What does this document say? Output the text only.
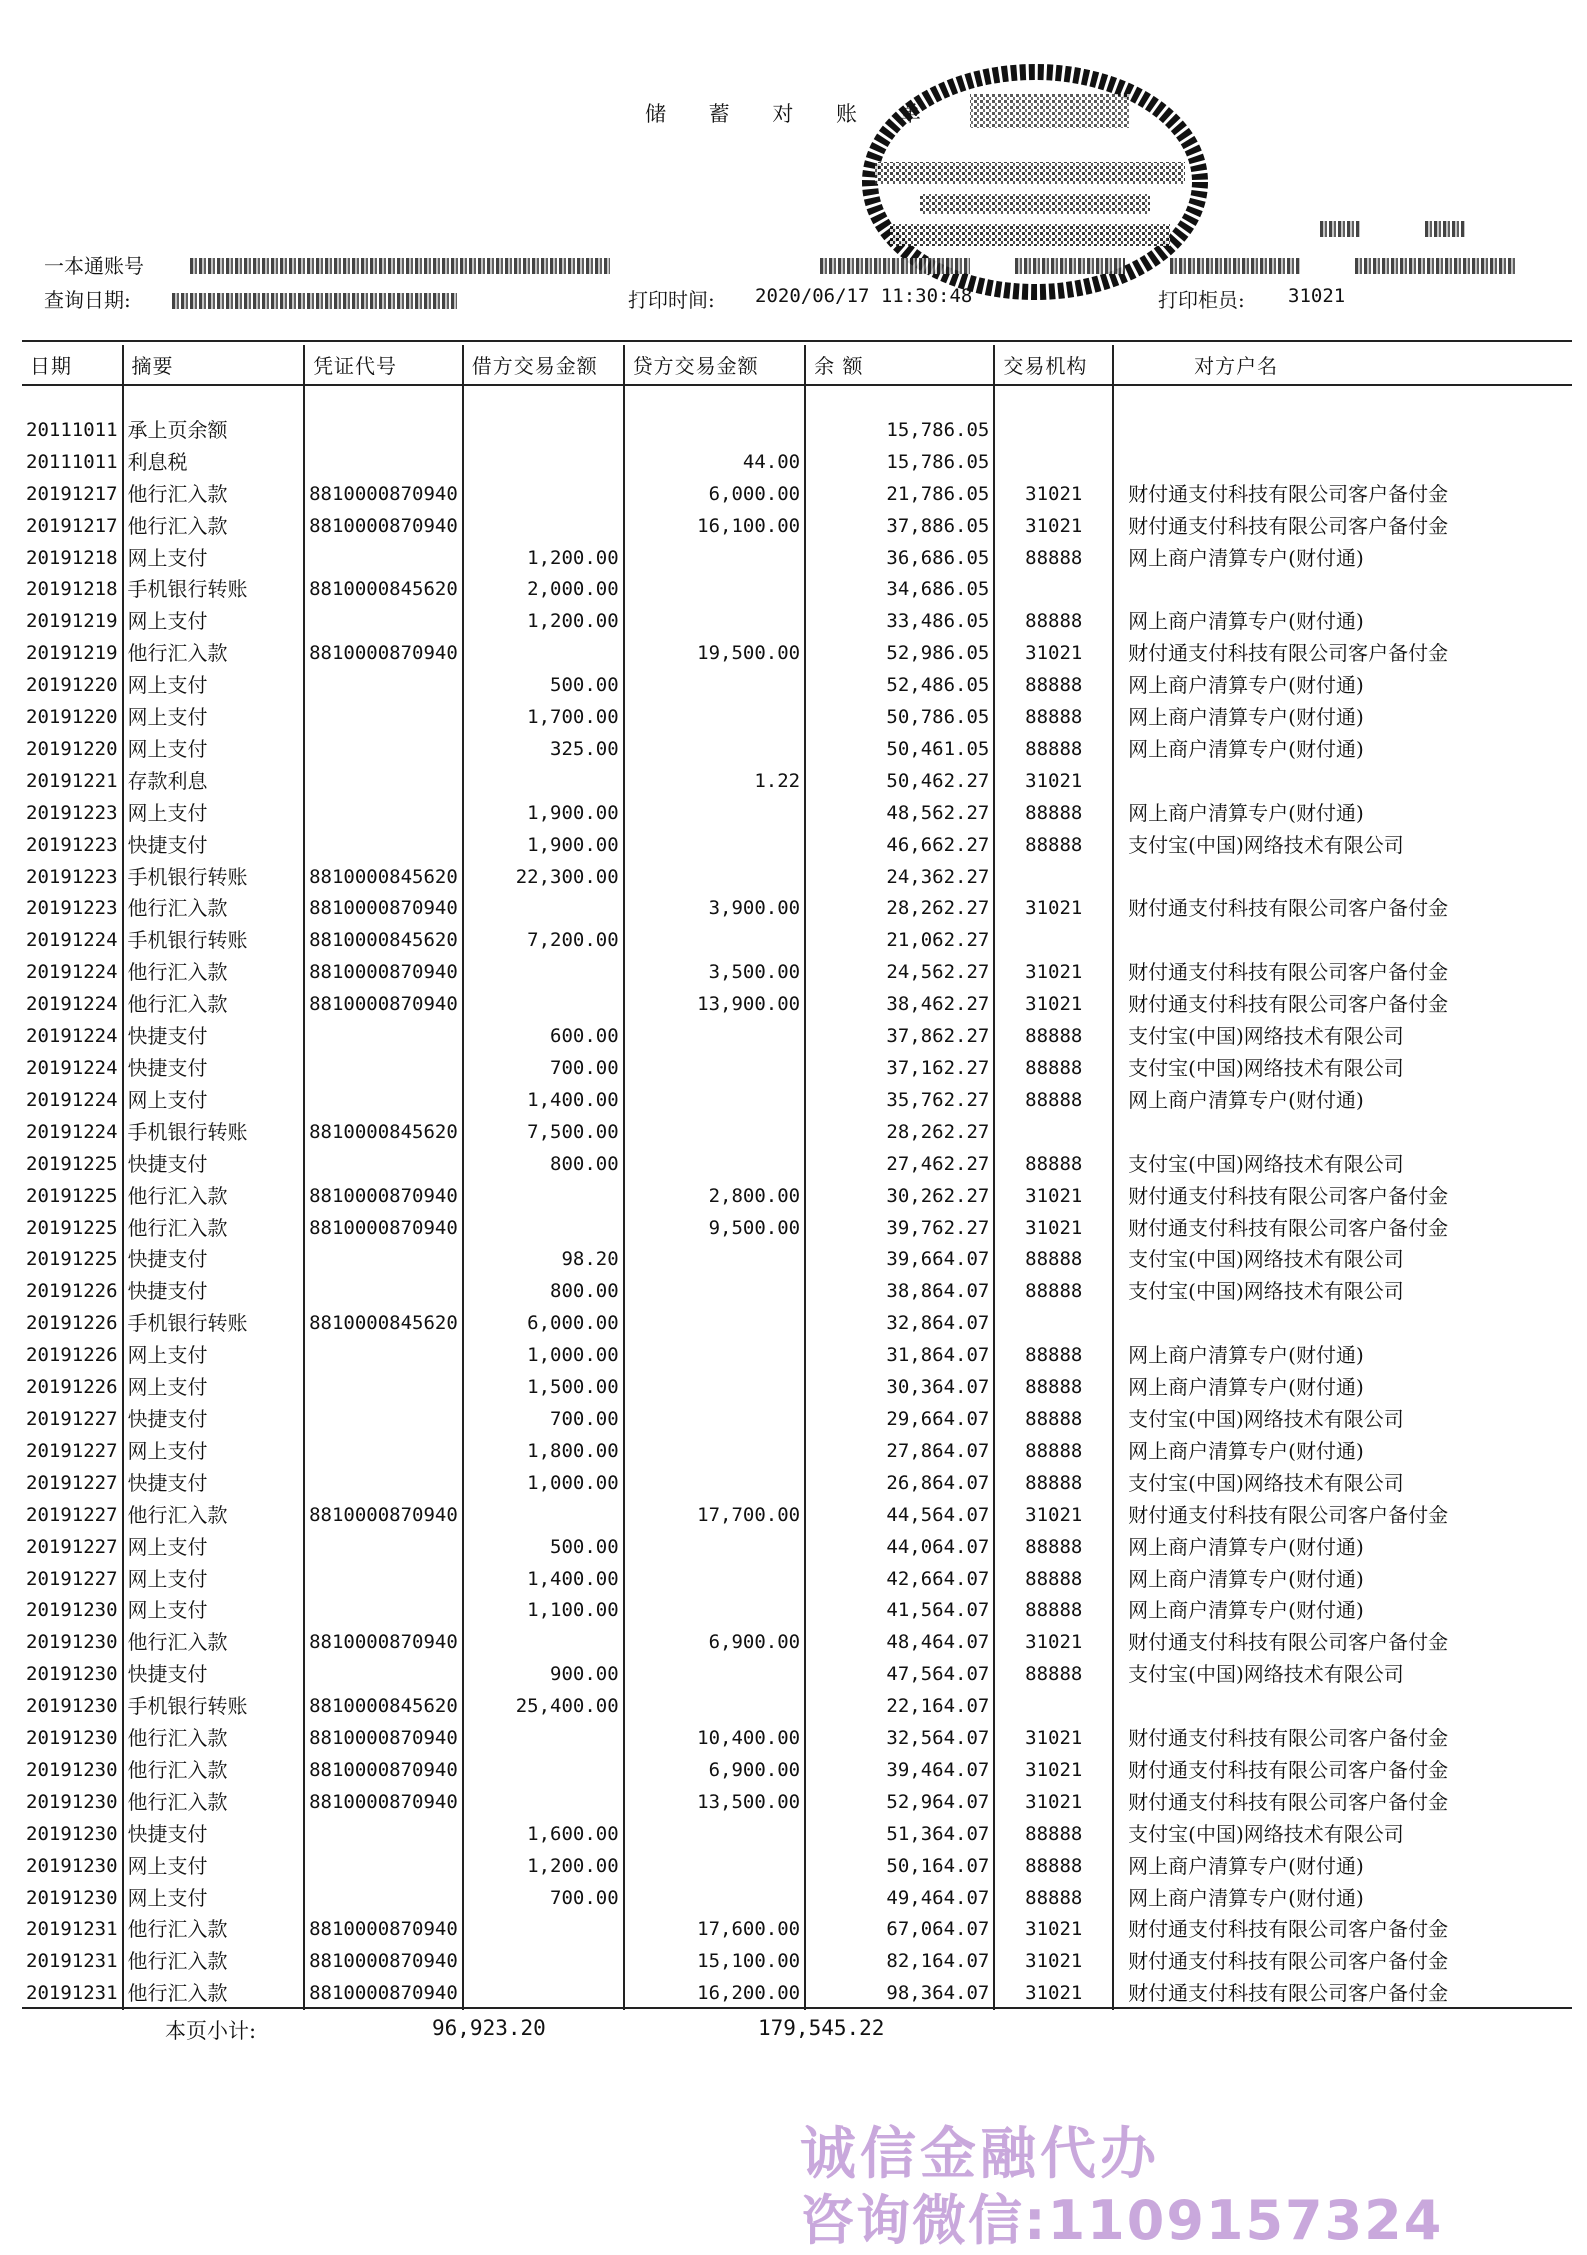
储 蓄 对 账 单
一本通账号

查询日期:	打印时间: 2020/06/17 11:30:48	打印柜员: 31021
日期	摘要	凭证代号	借方交易金额	贷方交易金额	余 额	交易机构	对方户名

20111011	承上页余额				15,786.05		
20111011	利息税			44.00	15,786.05		
20191217	他行汇入款	8810000870940		6,000.00	21,786.05	31021	财付通支付科技有限公司客户备付金
20191217	他行汇入款	8810000870940		16,100.00	37,886.05	31021	财付通支付科技有限公司客户备付金
20191218	网上支付		1,200.00		36,686.05	88888	网上商户清算专户(财付通)
20191218	手机银行转账	8810000845620	2,000.00		34,686.05		
20191219	网上支付		1,200.00		33,486.05	88888	网上商户清算专户(财付通)
20191219	他行汇入款	8810000870940		19,500.00	52,986.05	31021	财付通支付科技有限公司客户备付金
20191220	网上支付		500.00		52,486.05	88888	网上商户清算专户(财付通)
20191220	网上支付		1,700.00		50,786.05	88888	网上商户清算专户(财付通)
20191220	网上支付		325.00		50,461.05	88888	网上商户清算专户(财付通)
20191221	存款利息			1.22	50,462.27	31021	
20191223	网上支付		1,900.00		48,562.27	88888	网上商户清算专户(财付通)
20191223	快捷支付		1,900.00		46,662.27	88888	支付宝(中国)网络技术有限公司
20191223	手机银行转账	8810000845620	22,300.00		24,362.27		
20191223	他行汇入款	8810000870940		3,900.00	28,262.27	31021	财付通支付科技有限公司客户备付金
20191224	手机银行转账	8810000845620	7,200.00		21,062.27		
20191224	他行汇入款	8810000870940		3,500.00	24,562.27	31021	财付通支付科技有限公司客户备付金
20191224	他行汇入款	8810000870940		13,900.00	38,462.27	31021	财付通支付科技有限公司客户备付金
20191224	快捷支付		600.00		37,862.27	88888	支付宝(中国)网络技术有限公司
20191224	快捷支付		700.00		37,162.27	88888	支付宝(中国)网络技术有限公司
20191224	网上支付		1,400.00		35,762.27	88888	网上商户清算专户(财付通)
20191224	手机银行转账	8810000845620	7,500.00		28,262.27		
20191225	快捷支付		800.00		27,462.27	88888	支付宝(中国)网络技术有限公司
20191225	他行汇入款	8810000870940		2,800.00	30,262.27	31021	财付通支付科技有限公司客户备付金
20191225	他行汇入款	8810000870940		9,500.00	39,762.27	31021	财付通支付科技有限公司客户备付金
20191225	快捷支付		98.20		39,664.07	88888	支付宝(中国)网络技术有限公司
20191226	快捷支付		800.00		38,864.07	88888	支付宝(中国)网络技术有限公司
20191226	手机银行转账	8810000845620	6,000.00		32,864.07		
20191226	网上支付		1,000.00		31,864.07	88888	网上商户清算专户(财付通)
20191226	网上支付		1,500.00		30,364.07	88888	网上商户清算专户(财付通)
20191227	快捷支付		700.00		29,664.07	88888	支付宝(中国)网络技术有限公司
20191227	网上支付		1,800.00		27,864.07	88888	网上商户清算专户(财付通)
20191227	快捷支付		1,000.00		26,864.07	88888	支付宝(中国)网络技术有限公司
20191227	他行汇入款	8810000870940		17,700.00	44,564.07	31021	财付通支付科技有限公司客户备付金
20191227	网上支付		500.00		44,064.07	88888	网上商户清算专户(财付通)
20191227	网上支付		1,400.00		42,664.07	88888	网上商户清算专户(财付通)
20191230	网上支付		1,100.00		41,564.07	88888	网上商户清算专户(财付通)
20191230	他行汇入款	8810000870940		6,900.00	48,464.07	31021	财付通支付科技有限公司客户备付金
20191230	快捷支付		900.00		47,564.07	88888	支付宝(中国)网络技术有限公司
20191230	手机银行转账	8810000845620	25,400.00		22,164.07		
20191230	他行汇入款	8810000870940		10,400.00	32,564.07	31021	财付通支付科技有限公司客户备付金
20191230	他行汇入款	8810000870940		6,900.00	39,464.07	31021	财付通支付科技有限公司客户备付金
20191230	他行汇入款	8810000870940		13,500.00	52,964.07	31021	财付通支付科技有限公司客户备付金
20191230	快捷支付		1,600.00		51,364.07	88888	支付宝(中国)网络技术有限公司
20191230	网上支付		1,200.00		50,164.07	88888	网上商户清算专户(财付通)
20191230	网上支付		700.00		49,464.07	88888	网上商户清算专户(财付通)
20191231	他行汇入款	8810000870940		17,600.00	67,064.07	31021	财付通支付科技有限公司客户备付金
20191231	他行汇入款	8810000870940		15,100.00	82,164.07	31021	财付通支付科技有限公司客户备付金
20191231	他行汇入款	8810000870940		16,200.00	98,364.07	31021	财付通支付科技有限公司客户备付金
本页小计:	96,923.20	179,545.22
诚信金融代办
咨询微信:1109157324
